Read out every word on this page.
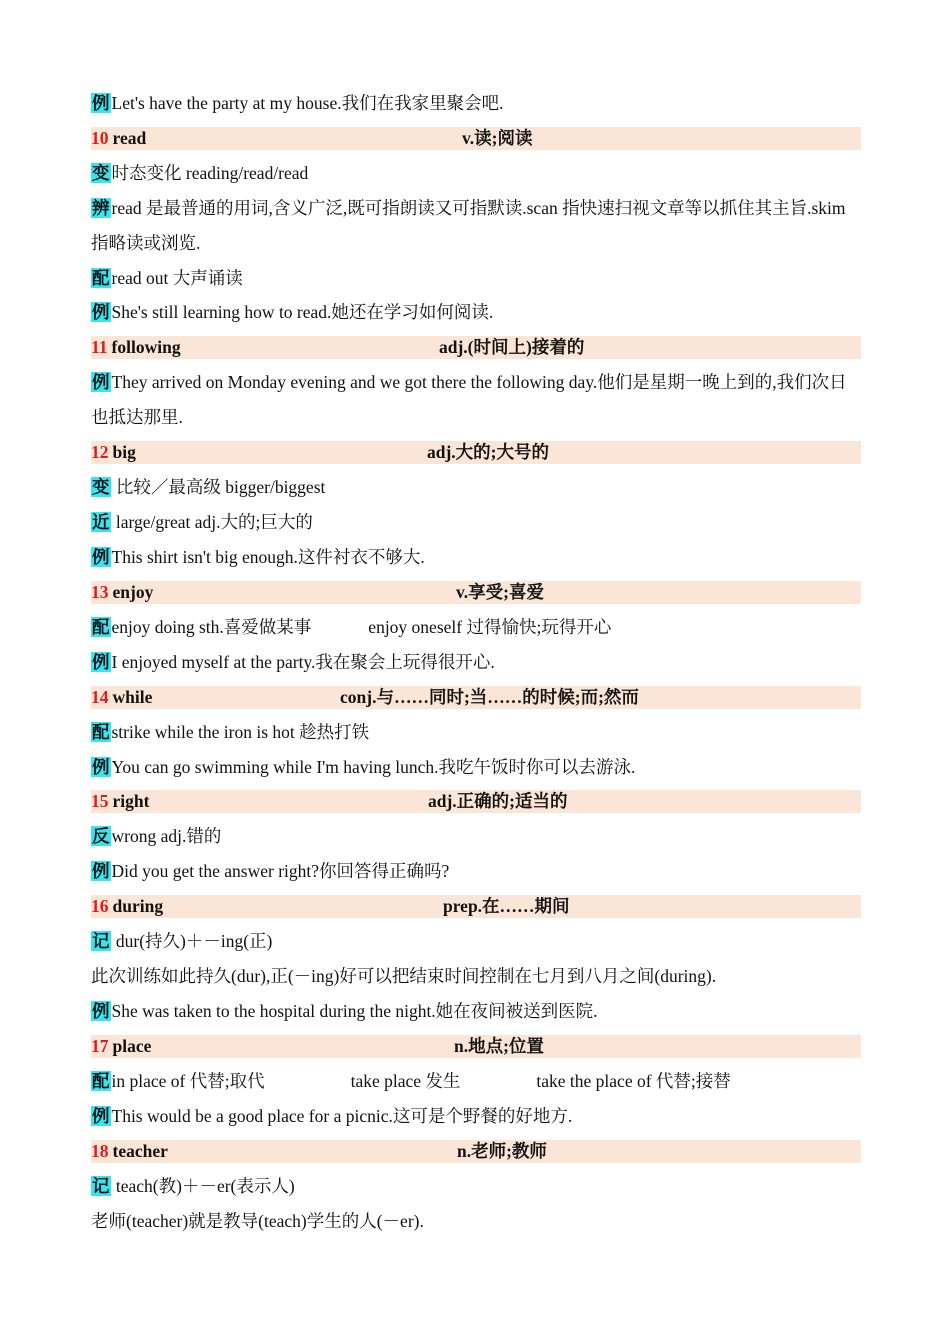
例 Let's have the party at my house.我们在我家里聚会吧.
10 read	v.读;阅读
变 时态变化 reading/read/read
辨 read 是最普通的用词,含义广泛,既可指朗读又可指默读.scan 指快速扫视文章等以抓住其主旨.skim 指略读或浏览.
配 read out 大声诵读
例 She's still learning how to read.她还在学习如何阅读.
11 following	adj.(时间上)接着的
例 They arrived on Monday evening and we got there the following day.他们是星期一晚上到的,我们次日也抵达那里.
12 big	adj.大的;大号的
变 比较／最高级 bigger/biggest
近 large/great adj.大的;巨大的
例 This shirt isn't big enough.这件衬衣不够大.
13 enjoy	v.享受;喜爱
配 enjoy doing sth.喜爱做某事	enjoy oneself 过得愉快;玩得开心
例 I enjoyed myself at the party.我在聚会上玩得很开心.
14 while	conj.与……同时;当……的时候;而;然而
配 strike while the iron is hot 趁热打铁
例 You can go swimming while I'm having lunch.我吃午饭时你可以去游泳.
15 right	adj.正确的;适当的
反 wrong adj.错的
例 Did you get the answer right?你回答得正确吗?
16 during	prep.在……期间
记 dur(持久)＋－ing(正)
此次训练如此持久(dur),正(－ing)好可以把结束时间控制在七月到八月之间(during).
例 She was taken to the hospital during the night.她在夜间被送到医院.
17 place	n.地点;位置
配 in place of 代替;取代	take place 发生	take the place of 代替;接替
例 This would be a good place for a picnic.这可是个野餐的好地方.
18 teacher	n.老师;教师
记 teach(教)＋－er(表示人)
老师(teacher)就是教导(teach)学生的人(－er).
